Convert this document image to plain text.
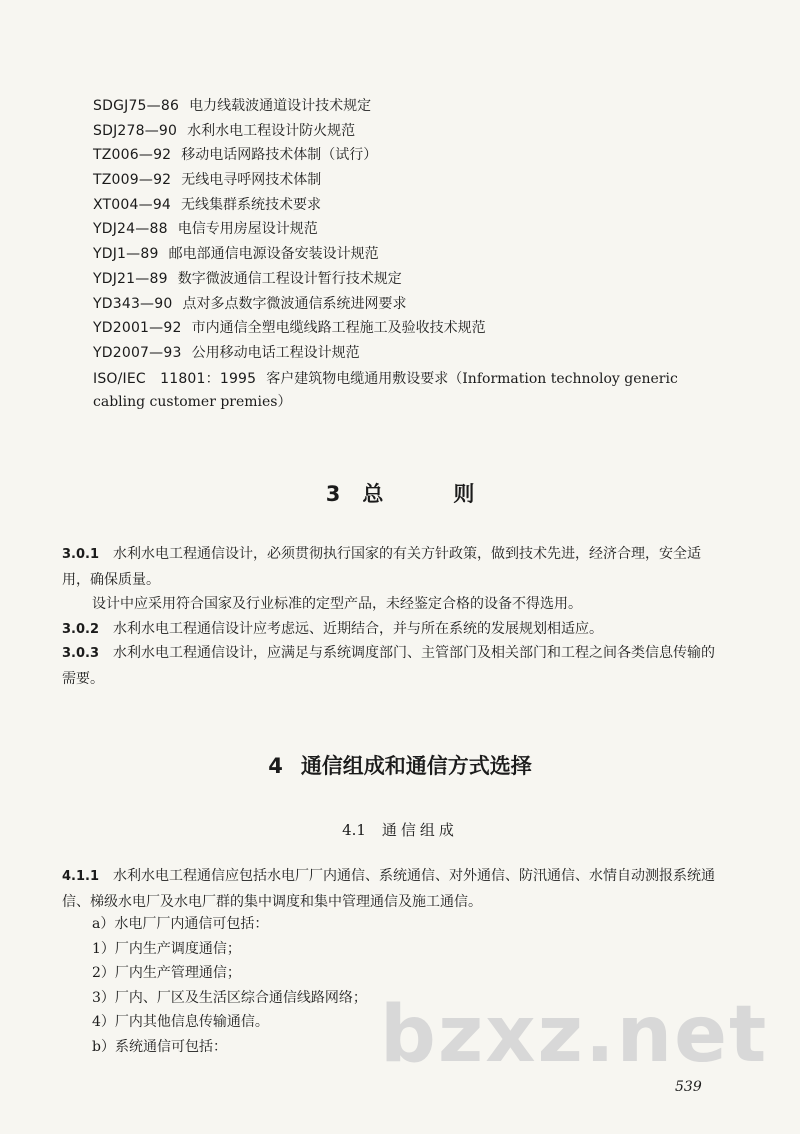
SDGJ75—86 电力线载波通道设计技术规定
SDJ278—90 水利水电工程设计防火规范
TZ006—92 移动电话网路技术体制（试行）
TZ009—92 无线电寻呼网技术体制
XT004—94 无线集群系统技术要求
YDJ24—88 电信专用房屋设计规范
YDJ1—89 邮电部通信电源设备安装设计规范
YDJ21—89 数字微波通信工程设计暂行技术规定
YD343—90 点对多点数字微波通信系统进网要求
YD2001—92 市内通信全塑电缆线路工程施工及验收技术规范
YD2007—93 公用移动电话工程设计规范
ISO/IEC　11801：1995 客户建筑物电缆通用敷设要求（Information technoloy generic cabling customer premies）
3 总	则
3.0.1 水利水电工程通信设计，必须贯彻执行国家的有关方针政策，做到技术先进，经济合理，安全适用，确保质量。
设计中应采用符合国家及行业标准的定型产品，未经鉴定合格的设备不得选用。
3.0.2 水利水电工程通信设计应考虑远、近期结合，并与所在系统的发展规划相适应。
3.0.3 水利水电工程通信设计，应满足与系统调度部门、主管部门及相关部门和工程之间各类信息传输的需要。
4 通信组成和通信方式选择
4.1 通信组成
4.1.1 水利水电工程通信应包括水电厂厂内通信、系统通信、对外通信、防汛通信、水情自动测报系统通信、梯级水电厂及水电厂群的集中调度和集中管理通信及施工通信。
a）水电厂厂内通信可包括：
1）厂内生产调度通信；
2）厂内生产管理通信；
3）厂内、厂区及生活区综合通信线路网络；
4）厂内其他信息传输通信。
b）系统通信可包括：	bzxz.net
539
